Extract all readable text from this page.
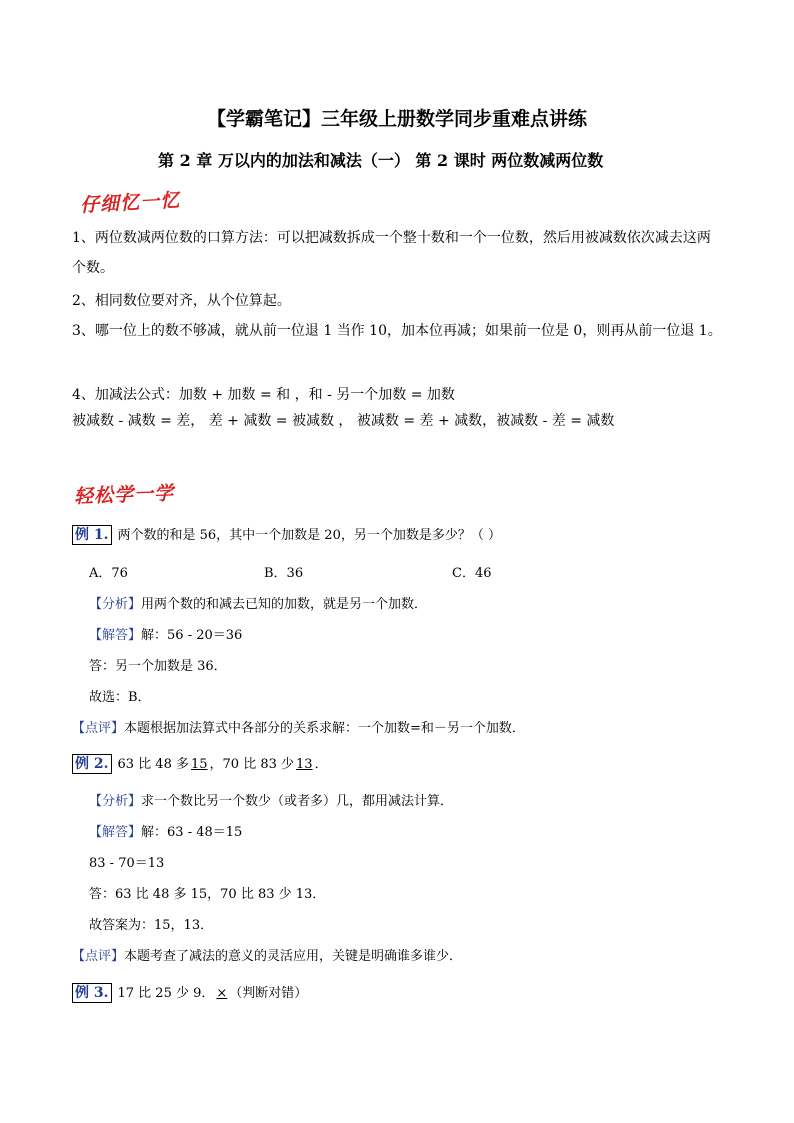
【学霸笔记】三年级上册数学同步重难点讲练
第 2 章 万以内的加法和减法（一） 第 2 课时 两位数减两位数
仔细忆一忆
1、两位数减两位数的口算方法：可以把减数拆成一个整十数和一个一位数，然后用被减数依次减去这两个数。
2、相同数位要对齐，从个位算起。
3、哪一位上的数不够减，就从前一位退 1 当作 10，加本位再减；如果前一位是 0，则再从前一位退 1。
4、加减法公式：加数 + 加数 = 和 ，和 - 另一个加数 = 加数
被减数 - 减数 = 差， 差 + 减数 = 被减数 ， 被减数 = 差 + 减数，被减数 - 差 = 减数
轻松学一学
例 1. 两个数的和是 56，其中一个加数是 20，另一个加数是多少？（ ）
A．76	B．36	C．46
【分析】用两个数的和减去已知的加数，就是另一个加数．
【解答】解：56 - 20＝36
答：另一个加数是 36．
故选：B．
【点评】本题根据加法算式中各部分的关系求解：一个加数=和－另一个加数．
例 2. 63 比 48 多15，70 比 83 少13．
【分析】求一个数比另一个数少（或者多）几，都用减法计算．
【解答】解：63 - 48＝15
83 - 70＝13
答：63 比 48 多 15，70 比 83 少 13．
故答案为：15，13．
【点评】本题考查了减法的意义的灵活应用，关键是明确谁多谁少．
例 3. 17 比 25 少 9．×（判断对错）
